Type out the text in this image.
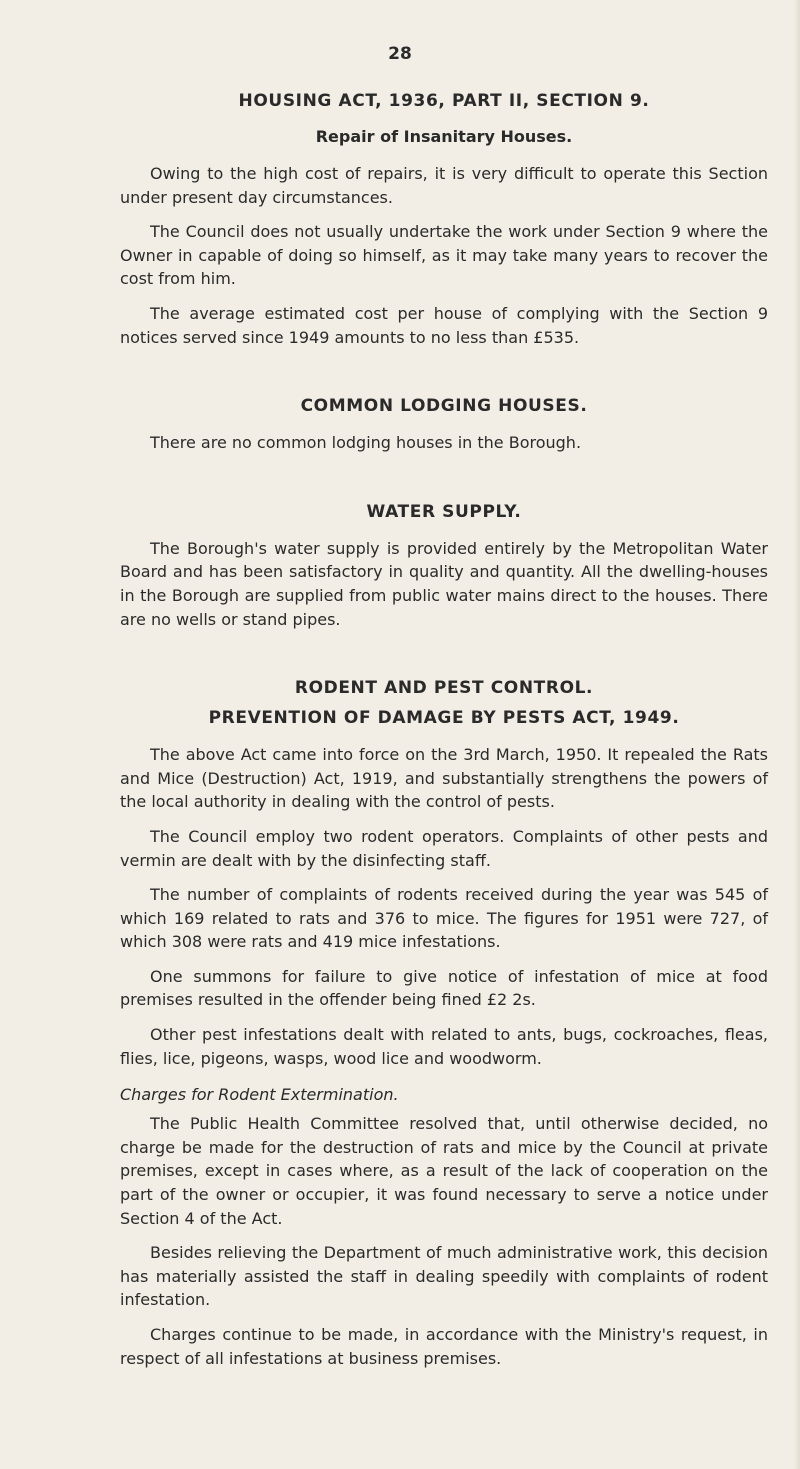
28
HOUSING ACT, 1936, PART II, SECTION 9.
Repair of Insanitary Houses.

Owing to the high cost of repairs, it is very difficult to operate this Section under present day circumstances.

The Council does not usually undertake the work under Section 9 where the Owner in capable of doing so himself, as it may take many years to recover the cost from him.

The average estimated cost per house of complying with the Section 9 notices served since 1949 amounts to no less than £535.

COMMON LODGING HOUSES.

There are no common lodging houses in the Borough.

WATER SUPPLY.

The Borough's water supply is provided entirely by the Metropolitan Water Board and has been satisfactory in quality and quantity. All the dwelling-houses in the Borough are supplied from public water mains direct to the houses. There are no wells or stand pipes.

RODENT AND PEST CONTROL.
PREVENTION OF DAMAGE BY PESTS ACT, 1949.

The above Act came into force on the 3rd March, 1950. It repealed the Rats and Mice (Destruction) Act, 1919, and substantially strengthens the powers of the local authority in dealing with the control of pests.

The Council employ two rodent operators. Complaints of other pests and vermin are dealt with by the disinfecting staff.

The number of complaints of rodents received during the year was 545 of which 169 related to rats and 376 to mice. The figures for 1951 were 727, of which 308 were rats and 419 mice infestations.

One summons for failure to give notice of infestation of mice at food premises resulted in the offender being fined £2 2s.

Other pest infestations dealt with related to ants, bugs, cockroaches, fleas, flies, lice, pigeons, wasps, wood lice and woodworm.

Charges for Rodent Extermination.

The Public Health Committee resolved that, until otherwise decided, no charge be made for the destruction of rats and mice by the Council at private premises, except in cases where, as a result of the lack of cooperation on the part of the owner or occupier, it was found necessary to serve a notice under Section 4 of the Act.

Besides relieving the Department of much administrative work, this decision has materially assisted the staff in dealing speedily with complaints of rodent infestation.

Charges continue to be made, in accordance with the Ministry's request, in respect of all infestations at business premises.
